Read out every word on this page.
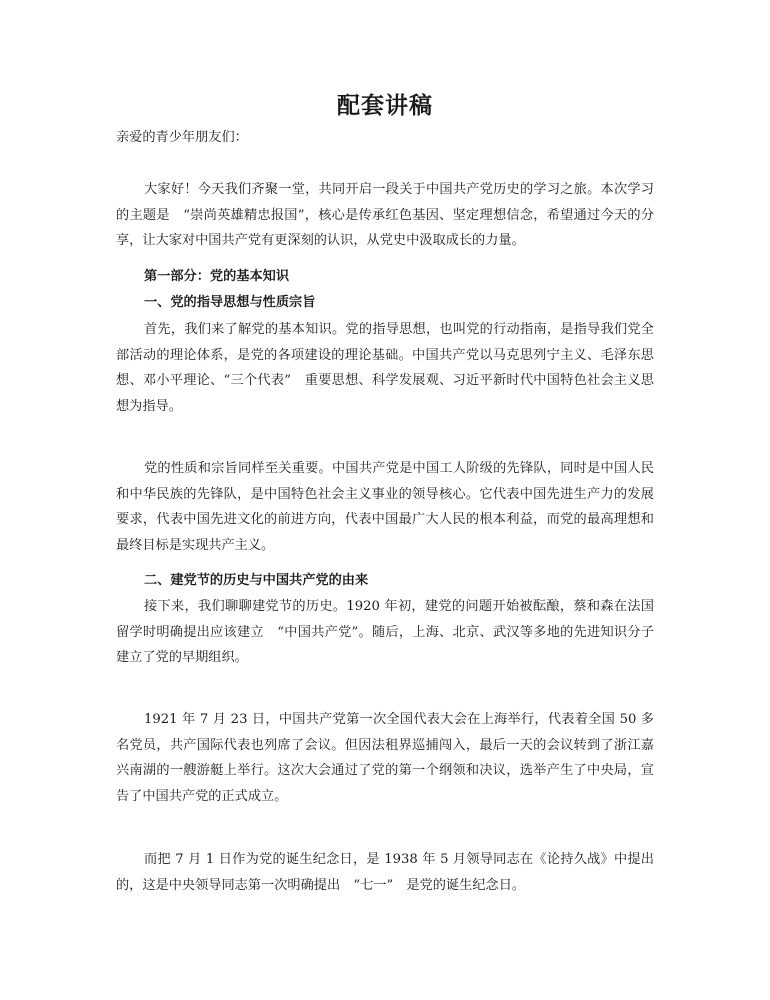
配套讲稿

亲爱的青少年朋友们：

大家好！今天我们齐聚一堂，共同开启一段关于中国共产党历史的学习之旅。本次学习的主题是　“崇尚英雄精忠报国”，核心是传承红色基因、坚定理想信念，希望通过今天的分享，让大家对中国共产党有更深刻的认识，从党史中汲取成长的力量。

第一部分：党的基本知识

一、党的指导思想与性质宗旨

首先，我们来了解党的基本知识。党的指导思想，也叫党的行动指南，是指导我们党全部活动的理论体系，是党的各项建设的理论基础。中国共产党以马克思列宁主义、毛泽东思想、邓小平理论、“三个代表”　重要思想、科学发展观、习近平新时代中国特色社会主义思想为指导。

党的性质和宗旨同样至关重要。中国共产党是中国工人阶级的先锋队，同时是中国人民和中华民族的先锋队，是中国特色社会主义事业的领导核心。它代表中国先进生产力的发展要求，代表中国先进文化的前进方向，代表中国最广大人民的根本利益，而党的最高理想和最终目标是实现共产主义。

二、建党节的历史与中国共产党的由来

接下来，我们聊聊建党节的历史。1920 年初，建党的问题开始被酝酿，蔡和森在法国留学时明确提出应该建立　“中国共产党”。随后，上海、北京、武汉等多地的先进知识分子建立了党的早期组织。

1921 年 7 月 23 日，中国共产党第一次全国代表大会在上海举行，代表着全国 50 多名党员，共产国际代表也列席了会议。但因法租界巡捕闯入，最后一天的会议转到了浙江嘉兴南湖的一艘游艇上举行。这次大会通过了党的第一个纲领和决议，选举产生了中央局，宣告了中国共产党的正式成立。

而把 7 月 1 日作为党的诞生纪念日，是 1938 年 5 月领导同志在《论持久战》中提出的，这是中央领导同志第一次明确提出　“七一”　是党的诞生纪念日。
